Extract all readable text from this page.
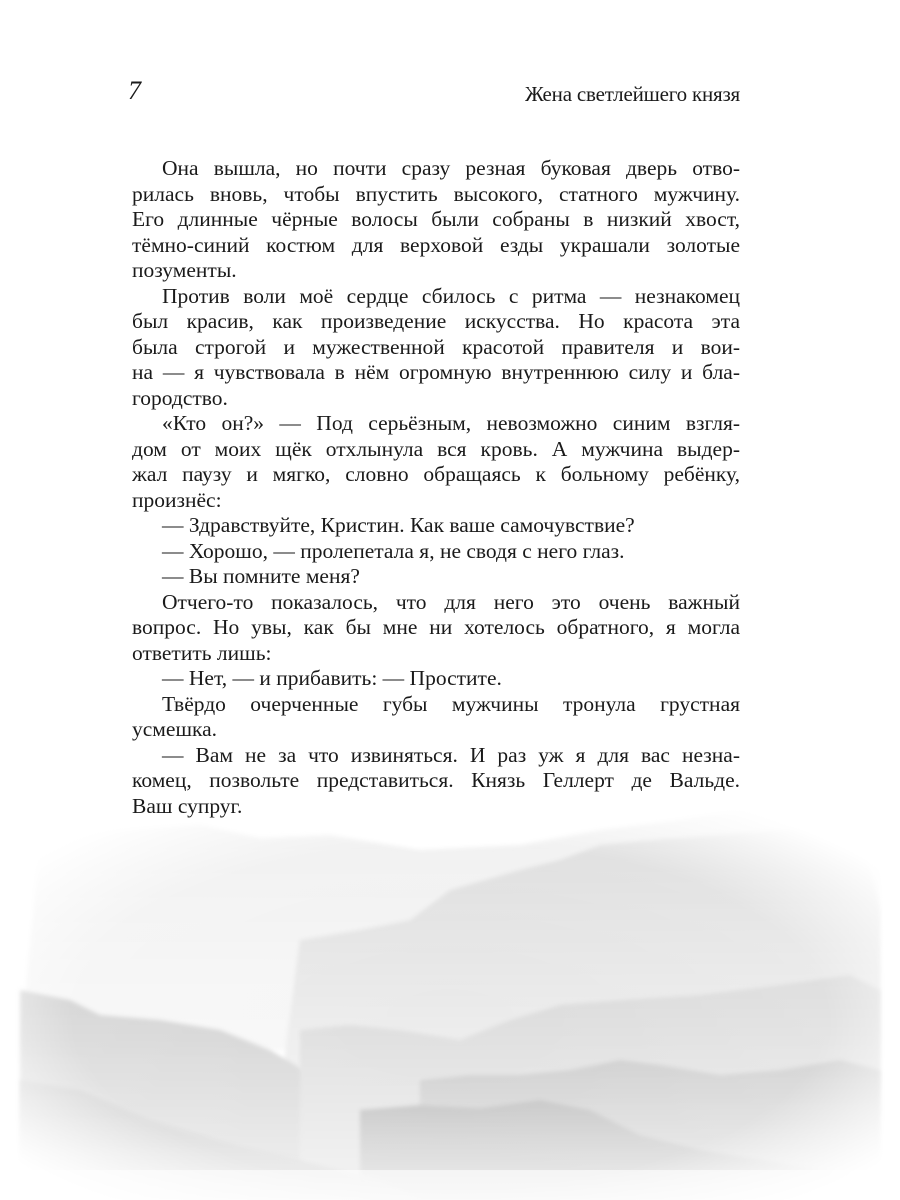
7	Жена светлейшего князя
Она вышла, но почти сразу резная буковая дверь отво-
рилась вновь, чтобы впустить высокого, статного мужчину.
Его длинные чёрные волосы были собраны в низкий хвост,
тёмно-синий костюм для верховой езды украшали золотые
позументы.
Против воли моё сердце сбилось с ритма — незнакомец
был красив, как произведение искусства. Но красота эта
была строгой и мужественной красотой правителя и вои-
на — я чувствовала в нём огромную внутреннюю силу и бла-
городство.
«Кто он?» — Под серьёзным, невозможно синим взгля-
дом от моих щёк отхлынула вся кровь. А мужчина выдер-
жал паузу и мягко, словно обращаясь к больному ребёнку,
произнёс:
— Здравствуйте, Кристин. Как ваше самочувствие?
— Хорошо, — пролепетала я, не сводя с него глаз.
— Вы помните меня?
Отчего-то показалось, что для него это очень важный
вопрос. Но увы, как бы мне ни хотелось обратного, я могла
ответить лишь:
— Нет, — и прибавить: — Простите.
Твёрдо очерченные губы мужчины тронула грустная
усмешка.
— Вам не за что извиняться. И раз уж я для вас незна-
комец, позвольте представиться. Князь Геллерт де Вальде.
Ваш супруг.
